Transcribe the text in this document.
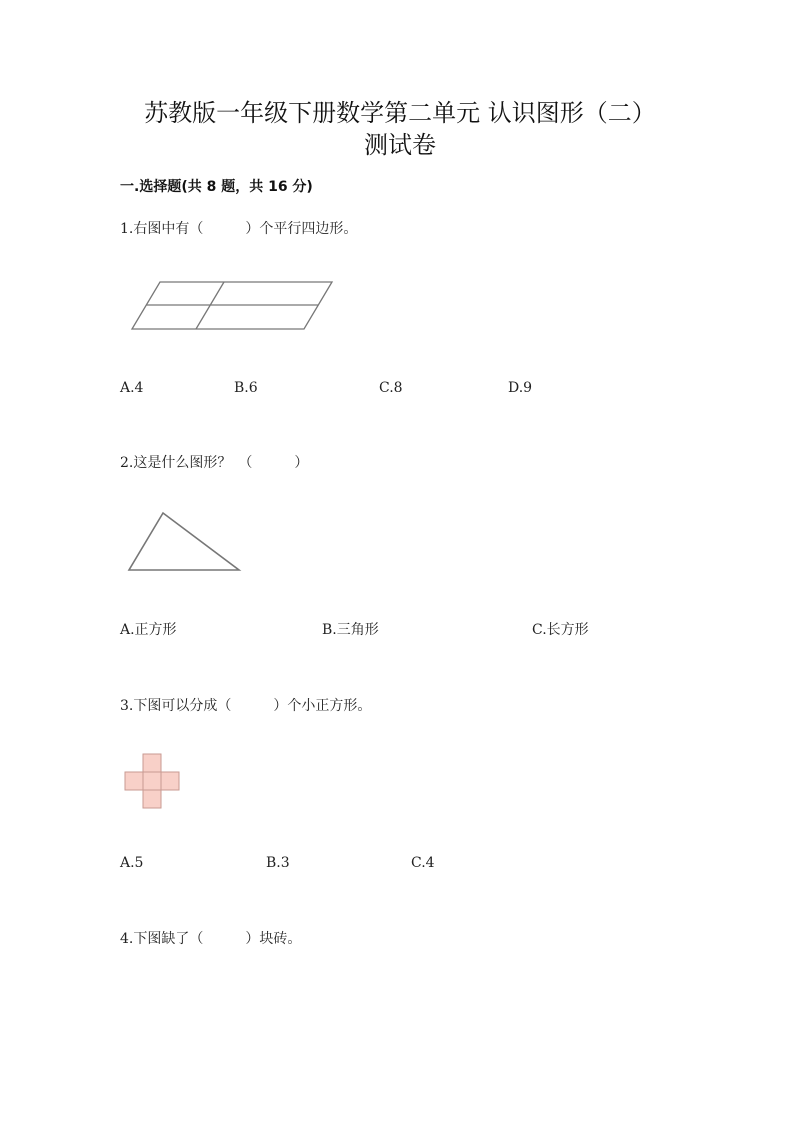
苏教版一年级下册数学第二单元 认识图形（二）
测试卷
一.选择题(共 8 题，共 16 分)
1.右图中有（　　　）个平行四边形。
A.4	B.6	C.8	D.9
2.这是什么图形？　（　　　）
A.正方形	B.三角形	C.长方形
3.下图可以分成（　　　）个小正方形。
A.5	B.3	C.4
4.下图缺了（　　　）块砖。
